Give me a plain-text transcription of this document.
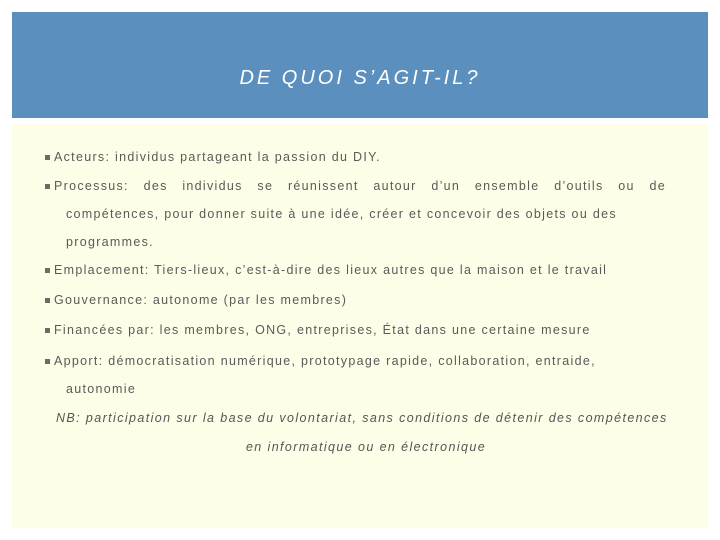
DE QUOI S’AGIT-IL?
Acteurs: individus partageant la passion du DIY.
Processus: des individus se réunissent autour d’un ensemble d’outils ou de
compétences, pour donner suite à une idée, créer et concevoir des objets ou des
programmes.
Emplacement: Tiers-lieux, c’est-à-dire des lieux autres que la maison et le travail
Gouvernance: autonome (par les membres)
Financées par: les membres, ONG, entreprises, État dans une certaine mesure
Apport: démocratisation numérique, prototypage rapide, collaboration, entraide,
autonomie
NB: participation sur la base du volontariat, sans conditions de détenir des compétences
en informatique ou en électronique
